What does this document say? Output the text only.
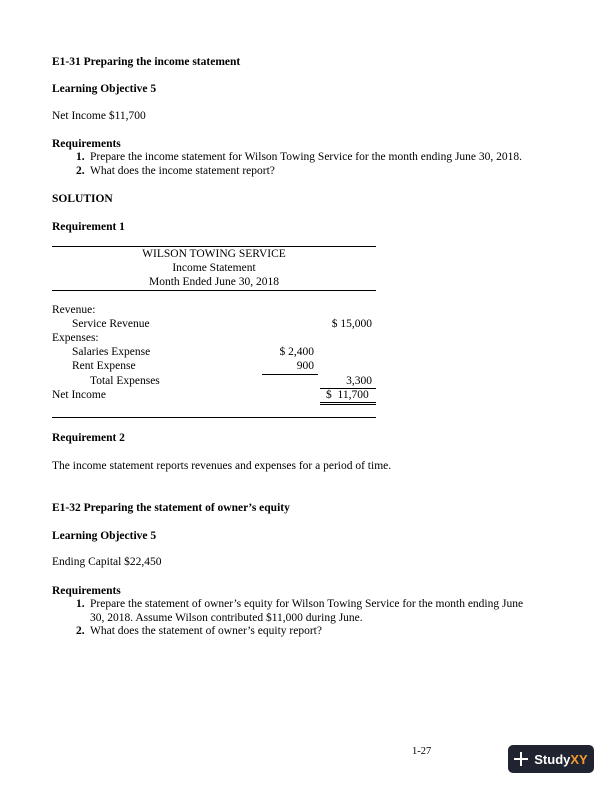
E1-31 Preparing the income statement
Learning Objective 5
Net Income $11,700
Requirements
1. Prepare the income statement for Wilson Towing Service for the month ending June 30, 2018.
2. What does the income statement report?
SOLUTION
Requirement 1
WILSON TOWING SERVICE
Income Statement
Month Ended June 30, 2018
Revenue:
Service Revenue	$ 15,000
Expenses:
Salaries Expense	$ 2,400
Rent Expense	900
Total Expenses	3,300
Net Income	$  11,700
Requirement 2
The income statement reports revenues and expenses for a period of time.
E1-32 Preparing the statement of owner’s equity
Learning Objective 5
Ending Capital $22,450
Requirements
1. Prepare the statement of owner’s equity for Wilson Towing Service for the month ending June
30, 2018. Assume Wilson contributed $11,000 during June.
2. What does the statement of owner’s equity report?
1-27	StudyXY
